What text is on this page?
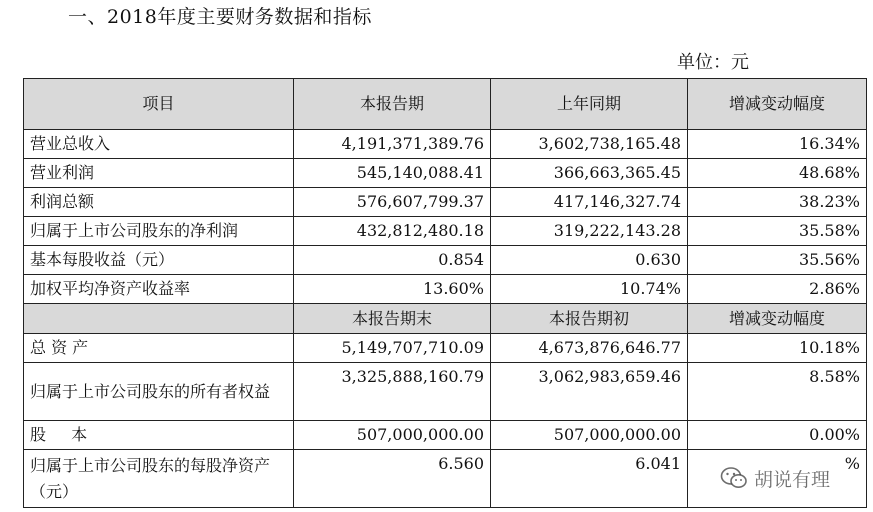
一、2018年度主要财务数据和指标
单位：元
项目	本报告期	上年同期	增减变动幅度
营业总收入	4,191,371,389.76	3,602,738,165.48	16.34%
营业利润	545,140,088.41	366,663,365.45	48.68%
利润总额	576,607,799.37	417,146,327.74	38.23%
归属于上市公司股东的净利润	432,812,480.18	319,222,143.28	35.58%
基本每股收益（元）	0.854	0.630	35.56%
加权平均净资产收益率	13.60%	10.74%	2.86%
	本报告期末	本报告期初	增减变动幅度
总 资 产	5,149,707,710.09	4,673,876,646.77	10.18%
归属于上市公司股东的所有者权益	3,325,888,160.79	3,062,983,659.46	8.58%
股 本	507,000,000.00	507,000,000.00	0.00%
归属于上市公司股东的每股净资产（元）	6.560	6.041	%
胡说有理
